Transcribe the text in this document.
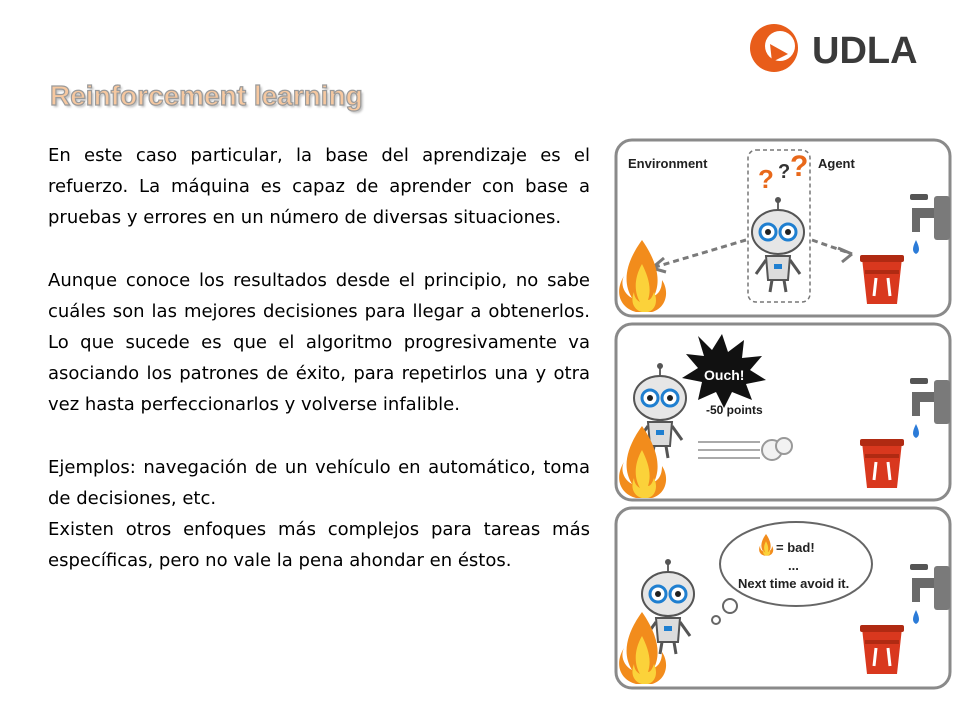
UDLA
Reinforcement learning

En este caso particular, la base del aprendizaje es el refuerzo. La máquina es capaz de aprender con base a pruebas y errores en un número de diversas situaciones.

Aunque conoce los resultados desde el principio, no sabe cuáles son las mejores decisiones para llegar a obtenerlos. Lo que sucede es que el algoritmo progresivamente va asociando los patrones de éxito, para repetirlos una y otra vez hasta perfeccionarlos y volverse infalible.

Ejemplos: navegación de un vehículo en automático, toma de decisiones, etc.

Existen otros enfoques más complejos para tareas más específicas, pero no vale la pena ahondar en éstos.

Environment	Agent
? ? ?
Ouch!
-50 points
= bad!
...
Next time avoid it.
